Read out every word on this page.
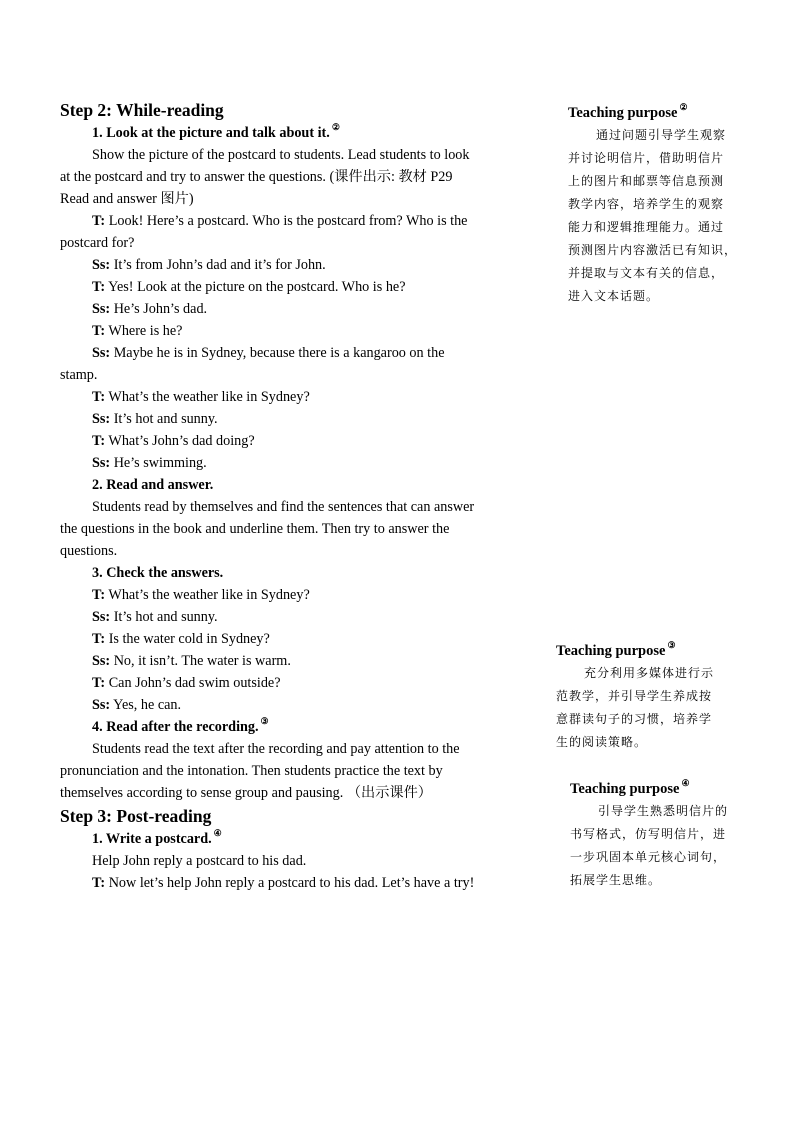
Step 2: While-reading
1. Look at the picture and talk about it. ②
Show the picture of the postcard to students. Lead students to look
at the postcard and try to answer the questions. (课件出示: 教材 P29
Read and answer 图片)
T: Look! Here’s a postcard. Who is the postcard from? Who is the
postcard for?
Ss: It’s from John’s dad and it’s for John.
T: Yes! Look at the picture on the postcard. Who is he?
Ss: He’s John’s dad.
T: Where is he?
Ss: Maybe he is in Sydney, because there is a kangaroo on the
stamp.
T: What’s the weather like in Sydney?
Ss: It’s hot and sunny.
T: What’s John’s dad doing?
Ss: He’s swimming.
2. Read and answer.
Students read by themselves and find the sentences that can answer
the questions in the book and underline them. Then try to answer the
questions.
3. Check the answers.
T: What’s the weather like in Sydney?
Ss: It’s hot and sunny.
T: Is the water cold in Sydney?
Ss: No, it isn’t. The water is warm.
T: Can John’s dad swim outside?
Ss: Yes, he can.
4. Read after the recording. ③
Students read the text after the recording and pay attention to the
pronunciation and the intonation. Then students practice the text by
themselves according to sense group and pausing. （出示课件）
Step 3: Post-reading
1. Write a postcard. ④
Help John reply a postcard to his dad.
T: Now let’s help John reply a postcard to his dad. Let’s have a try!
Teaching purpose ②
通过问题引导学生观察
并讨论明信片，借助明信片
上的图片和邮票等信息预测
教学内容，培养学生的观察
能力和逻辑推理能力。通过
预测图片内容激活已有知识，
并提取与文本有关的信息，
进入文本话题。
Teaching purpose ③
充分利用多媒体进行示
范教学，并引导学生养成按
意群读句子的习惯，培养学
生的阅读策略。
Teaching purpose ④
引导学生熟悉明信片的
书写格式，仿写明信片，进
一步巩固本单元核心词句，
拓展学生思维。
